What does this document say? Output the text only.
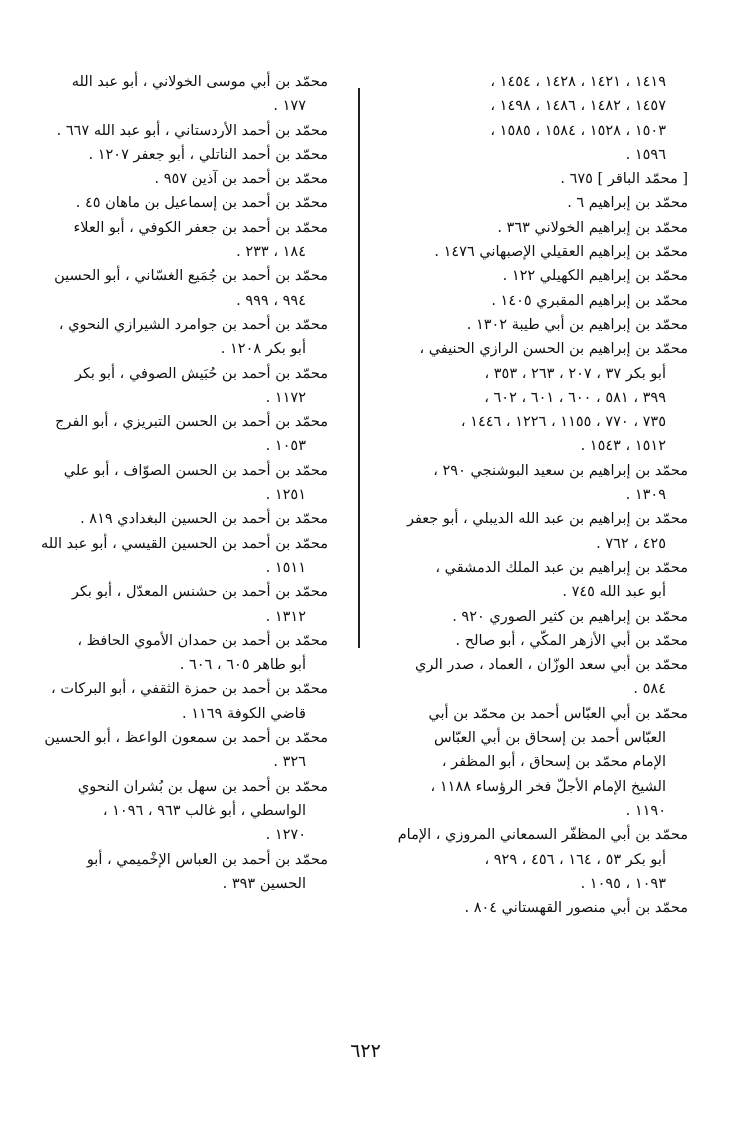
١٤١٩ ، ١٤٢١ ، ١٤٢٨ ، ١٤٥٤ ،
١٤٥٧ ، ١٤٨٢ ، ١٤٨٦ ، ١٤٩٨ ،
١٥٠٣ ، ١٥٢٨ ، ١٥٨٤ ، ١٥٨٥ ،
١٥٩٦ .
[ محمّد الباقر ] ٦٧٥ .
محمّد بن إبراهيم ٦ .
محمّد بن إبراهيم الخولاني ٣٦٣ .
محمّد بن إبراهيم العقيلي الإصبهاني ١٤٧٦ .
محمّد بن إبراهيم الكهيلي ١٢٢ .
محمّد بن إبراهيم المقبري ١٤٠٥ .
محمّد بن إبراهيم بن أبي طيبة ١٣٠٢ .
محمّد بن إبراهيم بن الحسن الرازي الحنيفي ،
أبو بكر ٣٧ ، ٢٠٧ ، ٢٦٣ ، ٣٥٣ ،
٣٩٩ ، ٥٨١ ، ٦٠٠ ، ٦٠١ ، ٦٠٢ ،
٧٣٥ ، ٧٧٠ ، ١١٥٥ ، ١٢٢٦ ، ١٤٤٦ ،
١٥١٢ ، ١٥٤٣ .
محمّد بن إبراهيم بن سعيد البوشنجي ٢٩٠ ،
١٣٠٩ .
محمّد بن إبراهيم بن عبد الله الديبلي ، أبو جعفر
٤٢٥ ، ٧٦٢ .
محمّد بن إبراهيم بن عبد الملك الدمشقي ،
أبو عبد الله ٧٤٥ .
محمّد بن إبراهيم بن كثير الصوري ٩٢٠ .
محمّد بن أبي الأزهر المكّي ، أبو صالح .
محمّد بن أبي سعد الوزّان ، العماد ، صدر الري
٥٨٤ .
محمّد بن أبي العبّاس أحمد بن محمّد بن أبي
العبّاس أحمد بن إسحاق بن أبي العبّاس
الإمام محمّد بن إسحاق ، أبو المظفر ،
الشيخ الإمام الأجلّ فخر الرؤساء ١١٨٨ ،
١١٩٠ .
محمّد بن أبي المظفّر السمعاني المروزي ، الإمام
أبو بكر ٥٣ ، ١٦٤ ، ٤٥٦ ، ٩٢٩ ،
١٠٩٣ ، ١٠٩٥ .
محمّد بن أبي منصور القهستاني ٨٠٤ .
محمّد بن أبي موسى الخولاني ، أبو عبد الله
١٧٧ .
محمّد بن أحمد الأردستاني ، أبو عبد الله ٦٦٧ .
محمّد بن أحمد الناتلي ، أبو جعفر ١٢٠٧ .
محمّد بن أحمد بن آذين ٩٥٧ .
محمّد بن أحمد بن إسماعيل بن ماهان ٤٥ .
محمّد بن أحمد بن جعفر الكوفي ، أبو العلاء
١٨٤ ، ٢٣٣ .
محمّد بن أحمد بن جُمَيع الغسّاني ، أبو الحسين
٩٩٤ ، ٩٩٩ .
محمّد بن أحمد بن جوامرد الشيرازي النحوي ،
أبو بكر ١٢٠٨ .
محمّد بن أحمد بن حُبَيش الصوفي ، أبو بكر
١١٧٢ .
محمّد بن أحمد بن الحسن التبريزي ، أبو الفرج
١٠٥٣ .
محمّد بن أحمد بن الحسن الصوّاف ، أبو علي
١٢٥١ .
محمّد بن أحمد بن الحسين البغدادي ٨١٩ .
محمّد بن أحمد بن الحسين القيسي ، أبو عبد الله
١٥١١ .
محمّد بن أحمد بن حشنس المعدّل ، أبو بكر
١٣١٢ .
محمّد بن أحمد بن حمدان الأموي الحافظ ،
أبو طاهر ٦٠٥ ، ٦٠٦ .
محمّد بن أحمد بن حمزة الثقفي ، أبو البركات ،
قاضي الكوفة ١١٦٩ .
محمّد بن أحمد بن سمعون الواعظ ، أبو الحسين
٣٢٦ .
محمّد بن أحمد بن سهل بن بُشران النحوي
الواسطي ، أبو غالب ٩٦٣ ، ١٠٩٦ ،
١٢٧٠ .
محمّد بن أحمد بن العباس الإخْميمي ، أبو
الحسين ٣٩٣ .
٦٢٢
